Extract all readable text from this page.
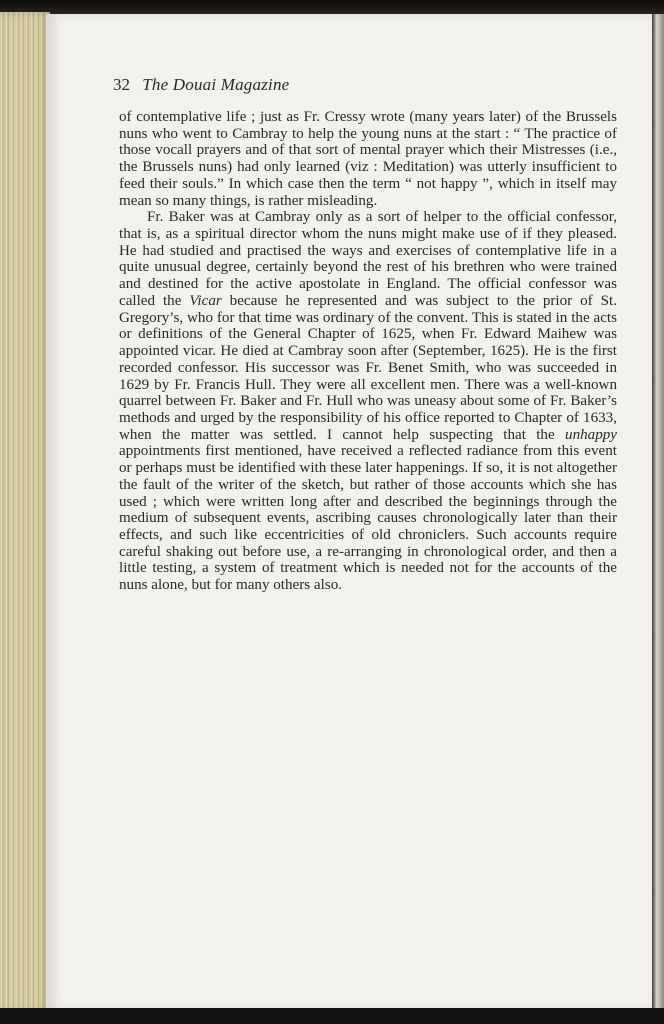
32 The Douai Magazine

of contemplative life ; just as Fr. Cressy wrote (many years later) of the Brussels nuns who went to Cambray to help the young nuns at the start : “ The practice of those vocall prayers and of that sort of mental prayer which their Mistresses (i.e., the Brussels nuns) had only learned (viz : Meditation) was utterly insufficient to feed their souls.” In which case then the term “ not happy ”, which in itself may mean so many things, is rather misleading.

Fr. Baker was at Cambray only as a sort of helper to the official confessor, that is, as a spiritual director whom the nuns might make use of if they pleased. He had studied and practised the ways and exercises of contemplative life in a quite unusual degree, certainly beyond the rest of his brethren who were trained and destined for the active apostolate in England. The official confessor was called the Vicar because he represented and was subject to the prior of St. Gregory’s, who for that time was ordinary of the convent. This is stated in the acts or definitions of the General Chapter of 1625, when Fr. Edward Maihew was appointed vicar. He died at Cambray soon after (September, 1625). He is the first recorded confessor. His successor was Fr. Benet Smith, who was succeeded in 1629 by Fr. Francis Hull. They were all excellent men. There was a well-known quarrel between Fr. Baker and Fr. Hull who was uneasy about some of Fr. Baker’s methods and urged by the responsibility of his office reported to Chapter of 1633, when the matter was settled. I cannot help suspecting that the unhappy appointments first mentioned, have received a reflected radiance from this event or perhaps must be identified with these later happenings. If so, it is not altogether the fault of the writer of the sketch, but rather of those accounts which she has used ; which were written long after and described the beginnings through the medium of subsequent events, ascribing causes chronologically later than their effects, and such like eccentricities of old chroniclers. Such accounts require careful shaking out before use, a re-arranging in chronological order, and then a little testing, a system of treatment which is needed not for the accounts of the nuns alone, but for many others also.
